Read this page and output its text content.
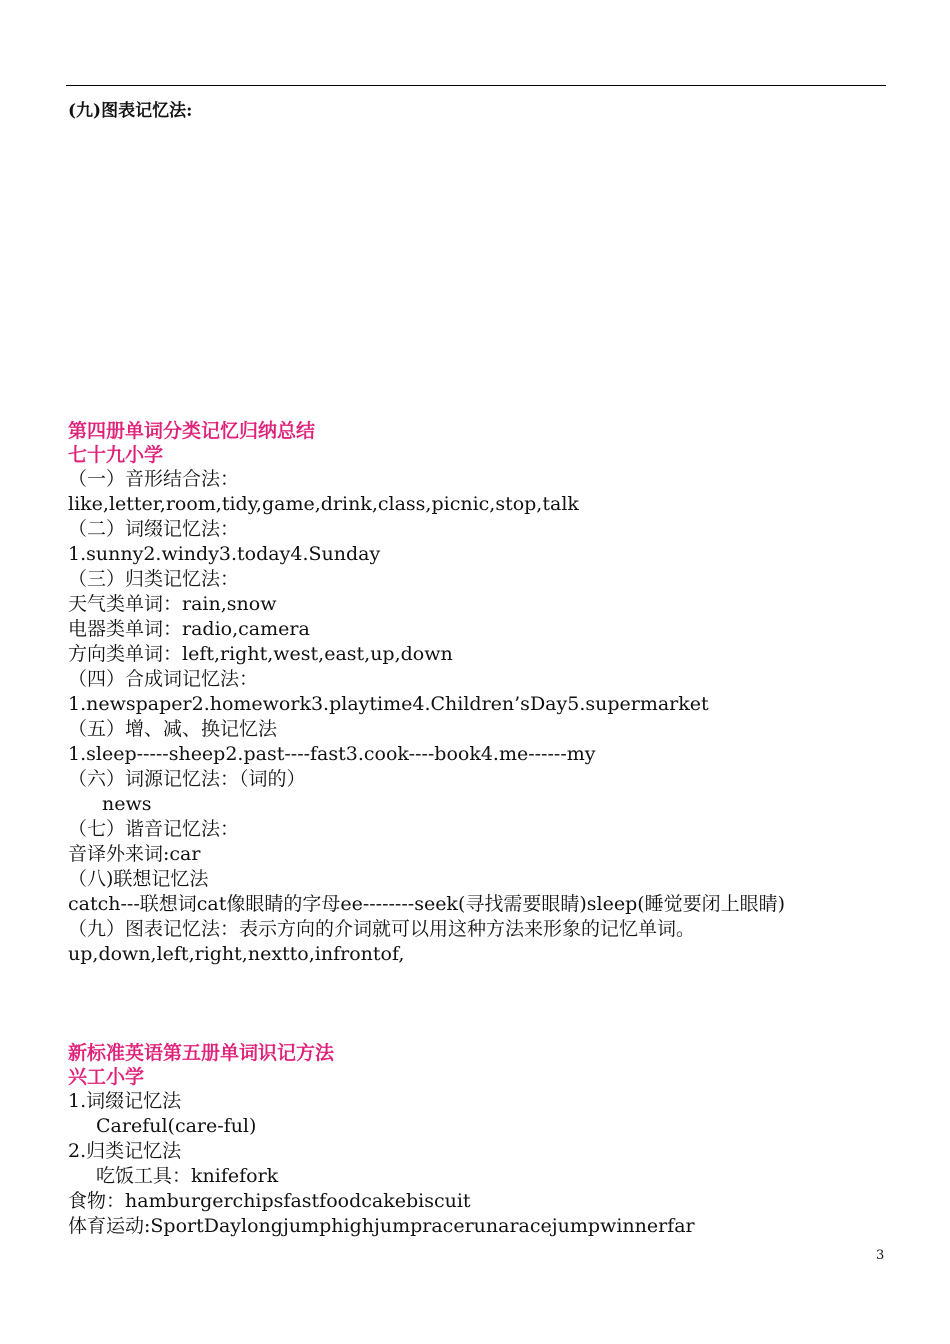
(九)图表记忆法:
第四册单词分类记忆归纳总结
七十九小学
（一）音形结合法：
like,letter,room,tidy,game,drink,class,picnic,stop,talk
（二）词缀记忆法：
1.sunny2.windy3.today4.Sunday
（三）归类记忆法：
天气类单词：rain,snow
电器类单词：radio,camera
方向类单词：left,right,west,east,up,down
（四）合成词记忆法：
1.newspaper2.homework3.playtime4.Children’sDay5.supermarket
（五）增、减、换记忆法
1.sleep-----sheep2.past----fast3.cook----book4.me------my
（六）词源记忆法：（词的）
news
（七）谐音记忆法：
音译外来词:car
（八)联想记忆法
catch---联想词cat像眼睛的字母ee--------seek(寻找需要眼睛)sleep(睡觉要闭上眼睛)
（九）图表记忆法：表示方向的介词就可以用这种方法来形象的记忆单词。
up,down,left,right,nextto,infrontof,
新标准英语第五册单词识记方法
兴工小学
1.词缀记忆法
Careful(care-ful)
2.归类记忆法
吃饭工具：knifefork
食物：hamburgerchipsfastfoodcakebiscuit
体育运动:SportDaylongjumphighjumpracerunaracejumpwinnerfar
3
